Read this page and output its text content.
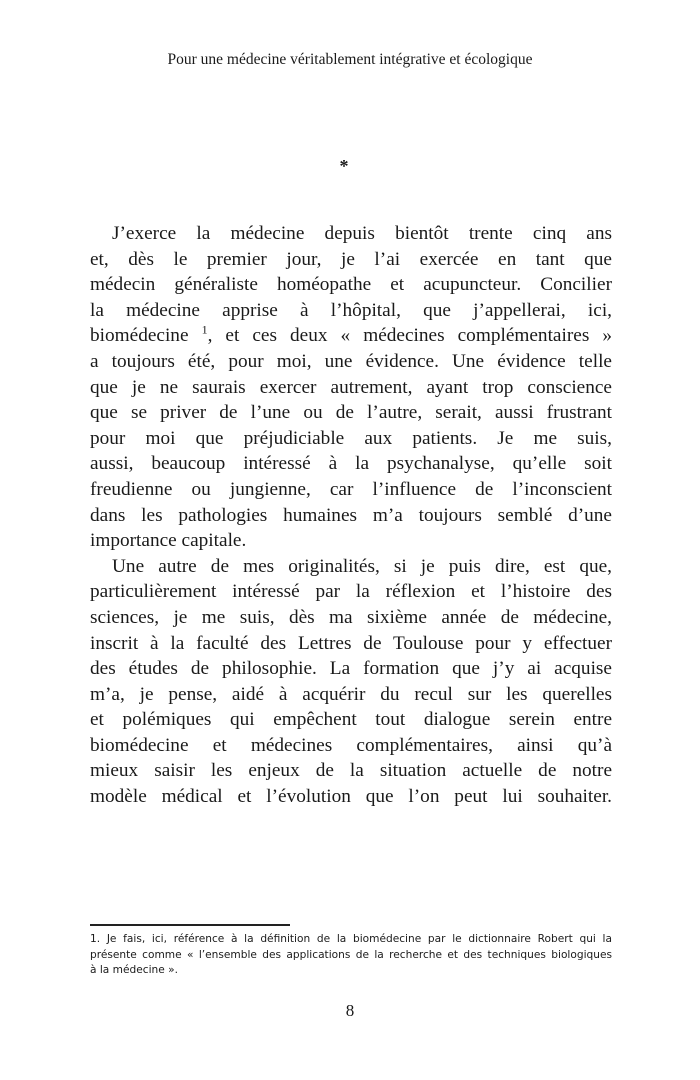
Pour une médecine véritablement intégrative et écologique
*
J’exerce la médecine depuis bientôt trente cinq ans
et, dès le premier jour, je l’ai exercée en tant que
médecin généraliste homéopathe et acupuncteur. Concilier
la médecine apprise à l’hôpital, que j’appellerai, ici,
biomédecine $^1$, et ces deux « médecines complémentaires »
a toujours été, pour moi, une évidence. Une évidence telle
que je ne saurais exercer autrement, ayant trop conscience
que se priver de l’une ou de l’autre, serait, aussi frustrant
pour moi que préjudiciable aux patients. Je me suis,
aussi, beaucoup intéressé à la psychanalyse, qu’elle soit
freudienne ou jungienne, car l’influence de l’inconscient
dans les pathologies humaines m’a toujours semblé d’une
importance capitale.
Une autre de mes originalités, si je puis dire, est que,
particulièrement intéressé par la réflexion et l’histoire des
sciences, je me suis, dès ma sixième année de médecine,
inscrit à la faculté des Lettres de Toulouse pour y effectuer
des études de philosophie. La formation que j’y ai acquise
m’a, je pense, aidé à acquérir du recul sur les querelles
et polémiques qui empêchent tout dialogue serein entre
biomédecine et médecines complémentaires, ainsi qu’à
mieux saisir les enjeux de la situation actuelle de notre
modèle médical et l’évolution que l’on peut lui souhaiter.
1. Je fais, ici, référence à la définition de la biomédecine par le dictionnaire Robert qui la
présente comme « l’ensemble des applications de la recherche et des techniques biologiques
à la médecine ».
8
